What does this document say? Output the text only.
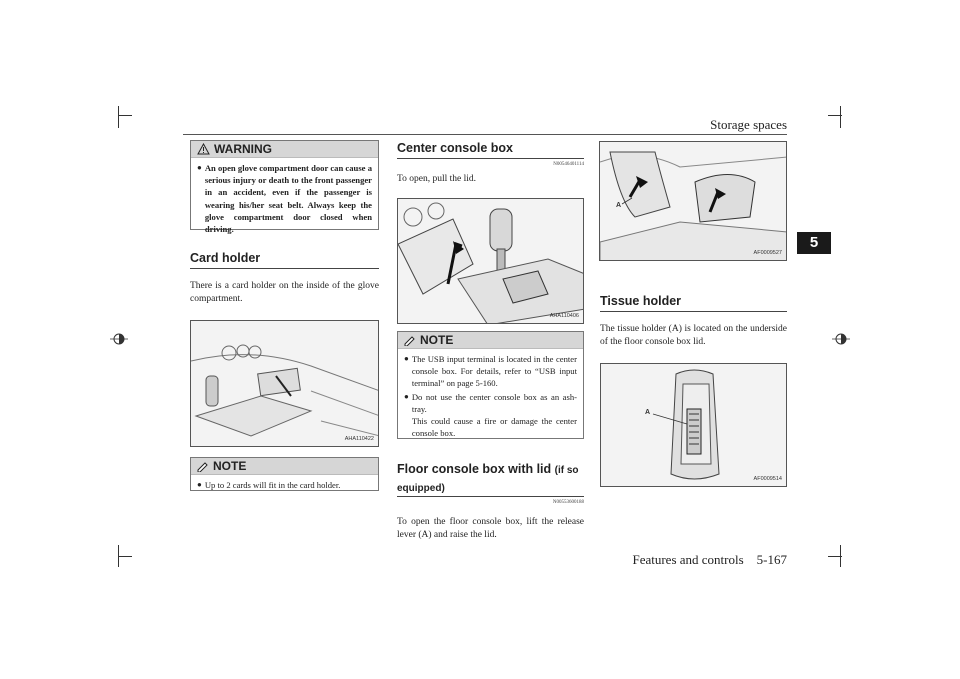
Storage spaces
5
WARNING
● An open glove compartment door can cause a serious injury or death to the front passenger in an accident, even if the passenger is wearing his/her seat belt. Always keep the glove compartment door closed when driving.
Card holder
There is a card holder on the inside of the glove compartment.
AHA110422
NOTE
● Up to 2 cards will fit in the card holder.
Center console box
N00546401114
To open, pull the lid.
AHA110406
NOTE
● The USB input terminal is located in the center console box. For details, refer to “USB input terminal” on page 5-160.
● Do not use the center console box as an ash-tray.
This could cause a fire or damage the center console box.
Floor console box with lid (if so
equipped)
N00553600188
To open the floor console box, lift the release lever (A) and raise the lid.
A
AF0009527
Tissue holder
The tissue holder (A) is located on the underside of the floor console box lid.
A
AF0009514
Features and controls    5-167
